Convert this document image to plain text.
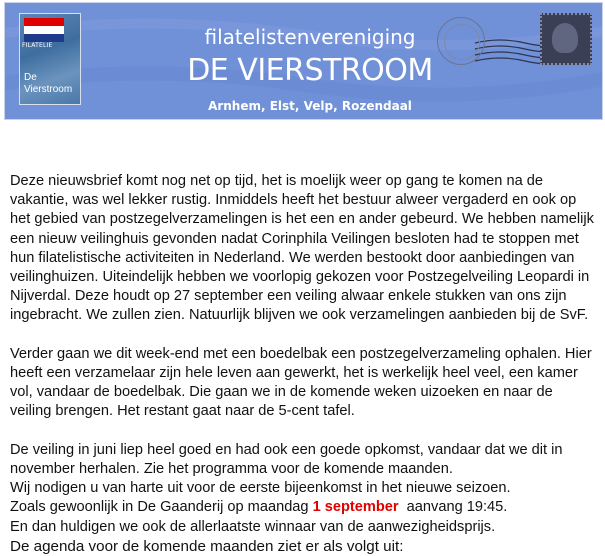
FILATELIE
De
Vierstroom
filatelistenvereniging
DE VIERSTROOM
Arnhem, Elst, Velp, Rozendaal

Deze nieuwsbrief komt nog net op tijd, het is moelijk weer op gang te komen na de vakantie, was wel lekker rustig. Inmiddels heeft het bestuur alweer vergaderd en ook op het gebied van postzegelverzamelingen is het een en ander gebeurd. We hebben namelijk een nieuw veilinghuis gevonden nadat Corinphila Veilingen besloten had te stoppen met hun filatelistische activiteiten in Nederland. We werden bestookt door aanbiedingen van veilinghuizen. Uiteindelijk hebben we voorlopig gekozen voor Postzegelveiling Leopardi in Nijverdal. Deze houdt op 27 september een veiling alwaar enkele stukken van ons zijn ingebracht. We zullen zien. Natuurlijk blijven we ook verzamelingen aanbieden bij de SvF.

Verder gaan we dit week-end met een boedelbak een postzegelverzameling ophalen. Hier heeft een verzamelaar zijn hele leven aan gewerkt, het is werkelijk heel veel, een kamer vol, vandaar de boedelbak. Die gaan we in de komende weken uizoeken en naar de veiling brengen. Het restant gaat naar de 5-cent tafel.

De veiling in juni liep heel goed en had ook een goede opkomst, vandaar dat we dit in november herhalen. Zie het programma voor de komende maanden.

Wij nodigen u van harte uit voor de eerste bijeenkomst in het nieuwe seizoen.

Zoals gewoonlijk in De Gaanderij op maandag 1 september  aanvang 19:45.

En dan huldigen we ook de allerlaatste winnaar van de aanwezigheidsprijs.

De agenda voor de komende maanden ziet er als volgt uit:
